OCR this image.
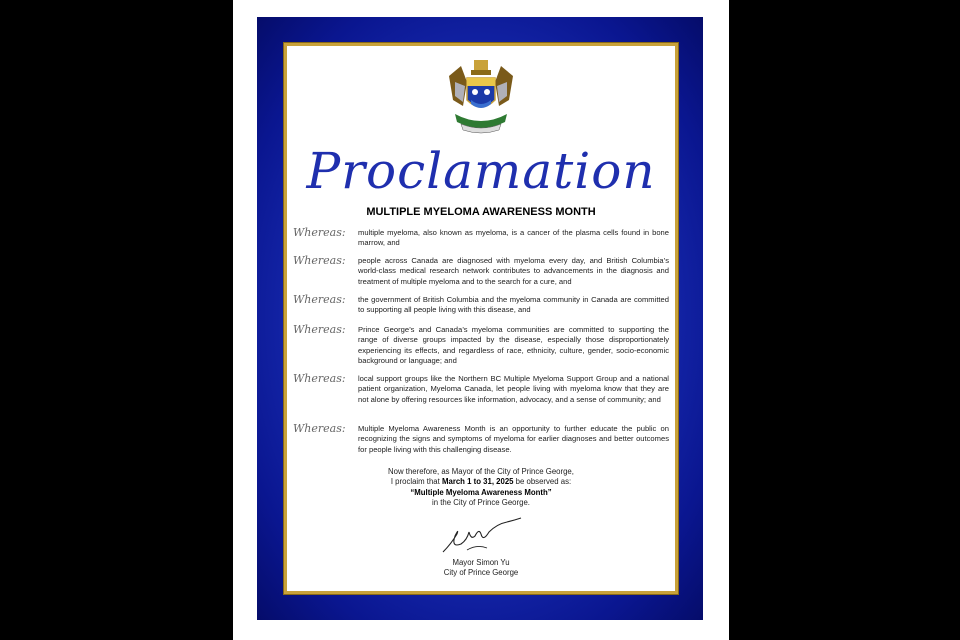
Proclamation
MULTIPLE MYELOMA AWARENESS MONTH
Whereas: multiple myeloma, also known as myeloma, is a cancer of the plasma cells found in bone marrow, and
Whereas: people across Canada are diagnosed with myeloma every day, and British Columbia’s world-class medical research network contributes to advancements in the diagnosis and treatment of multiple myeloma and to the search for a cure, and
Whereas: the government of British Columbia and the myeloma community in Canada are committed to supporting all people living with this disease, and
Whereas: Prince George’s and Canada’s myeloma communities are committed to supporting the range of diverse groups impacted by the disease, especially those disproportionately experiencing its effects, and regardless of race, ethnicity, culture, gender, socio-economic background or language; and
Whereas: local support groups like the Northern BC Multiple Myeloma Support Group and a national patient organization, Myeloma Canada, let people living with myeloma know that they are not alone by offering resources like information, advocacy, and a sense of community; and
Whereas: Multiple Myeloma Awareness Month is an opportunity to further educate the public on recognizing the signs and symptoms of myeloma for earlier diagnoses and better outcomes for people living with this challenging disease.
Now therefore, as Mayor of the City of Prince George,
I proclaim that March 1 to 31, 2025 be observed as:
“Multiple Myeloma Awareness Month”
in the City of Prince George.
Mayor Simon Yu
City of Prince George
